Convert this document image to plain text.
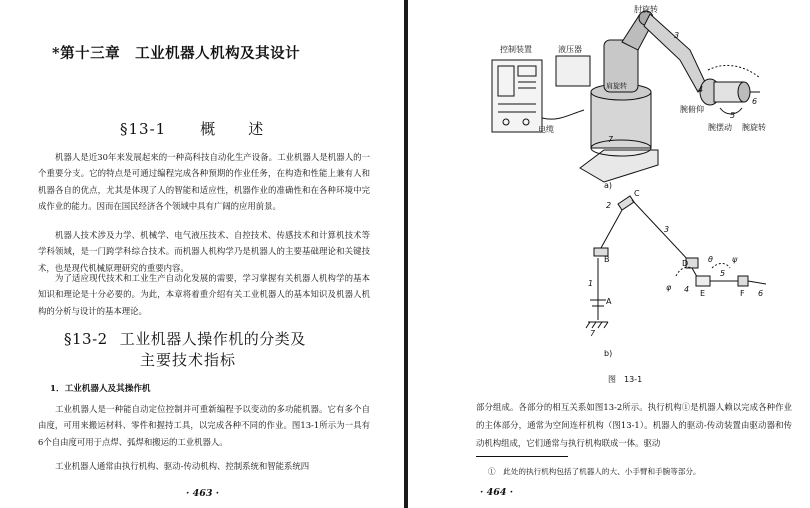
*第十三章　工业机器人机构及其设计
§13-1 概　　述

机器人是近30年来发展起来的一种高科技自动化生产设备。工业机器人是机器人的一个重要分支。它的特点是可通过编程完成各种预期的作业任务，在构造和性能上兼有人和机器各自的优点，尤其是体现了人的智能和适应性，机器作业的准确性和在各种环境中完成作业的能力。因而在国民经济各个领域中具有广阔的应用前景。

机器人技术涉及力学、机械学、电气液压技术、自控技术、传感技术和计算机技术等学科领域，是一门跨学科综合技术。而机器人机构学乃是机器人的主要基础理论和关键技术，也是现代机械原理研究的重要内容。

为了适应现代技术和工业生产自动化发展的需要，学习掌握有关机器人机构学的基本知识和理论是十分必要的。为此，本章将着重介绍有关工业机器人的基本知识及机器人机构的分析与设计的基本理论。

§13-2 工业机器人操作机的分类及
主要技术指标
1．工业机器人及其操作机

工业机器人是一种能自动定位控制并可重新编程予以变动的多功能机器。它有多个自由度，可用来搬运材料、零件和握持工具，以完成各种不同的作业。图13-1所示为一具有6个自由度可用于点焊、弧焊和搬运的工业机器人。

工业机器人通常由执行机构、驱动-传动机构、控制系统和智能系统四

· 463 ·
肘旋转
控制装置	液压器
肩旋转
电缆
腕俯仰
腕摆动 腕旋转
7
3
4
5
6
a)
1
2
3
4
5
6
7
A
B
C
D
E	F
φ
θ ψ
b)
图　13-1

部分组成。各部分的相互关系如图13-2所示。执行机构①是机器人赖以完成各种作业的主体部分，通常为空间连杆机构（图13-1）。机器人的驱动-传动装置由驱动器和传动机构组成，它们通常与执行机构联成一体。驱动

①　此处的执行机构包括了机器人的大、小手臂和手腕等部分。
· 464 ·
